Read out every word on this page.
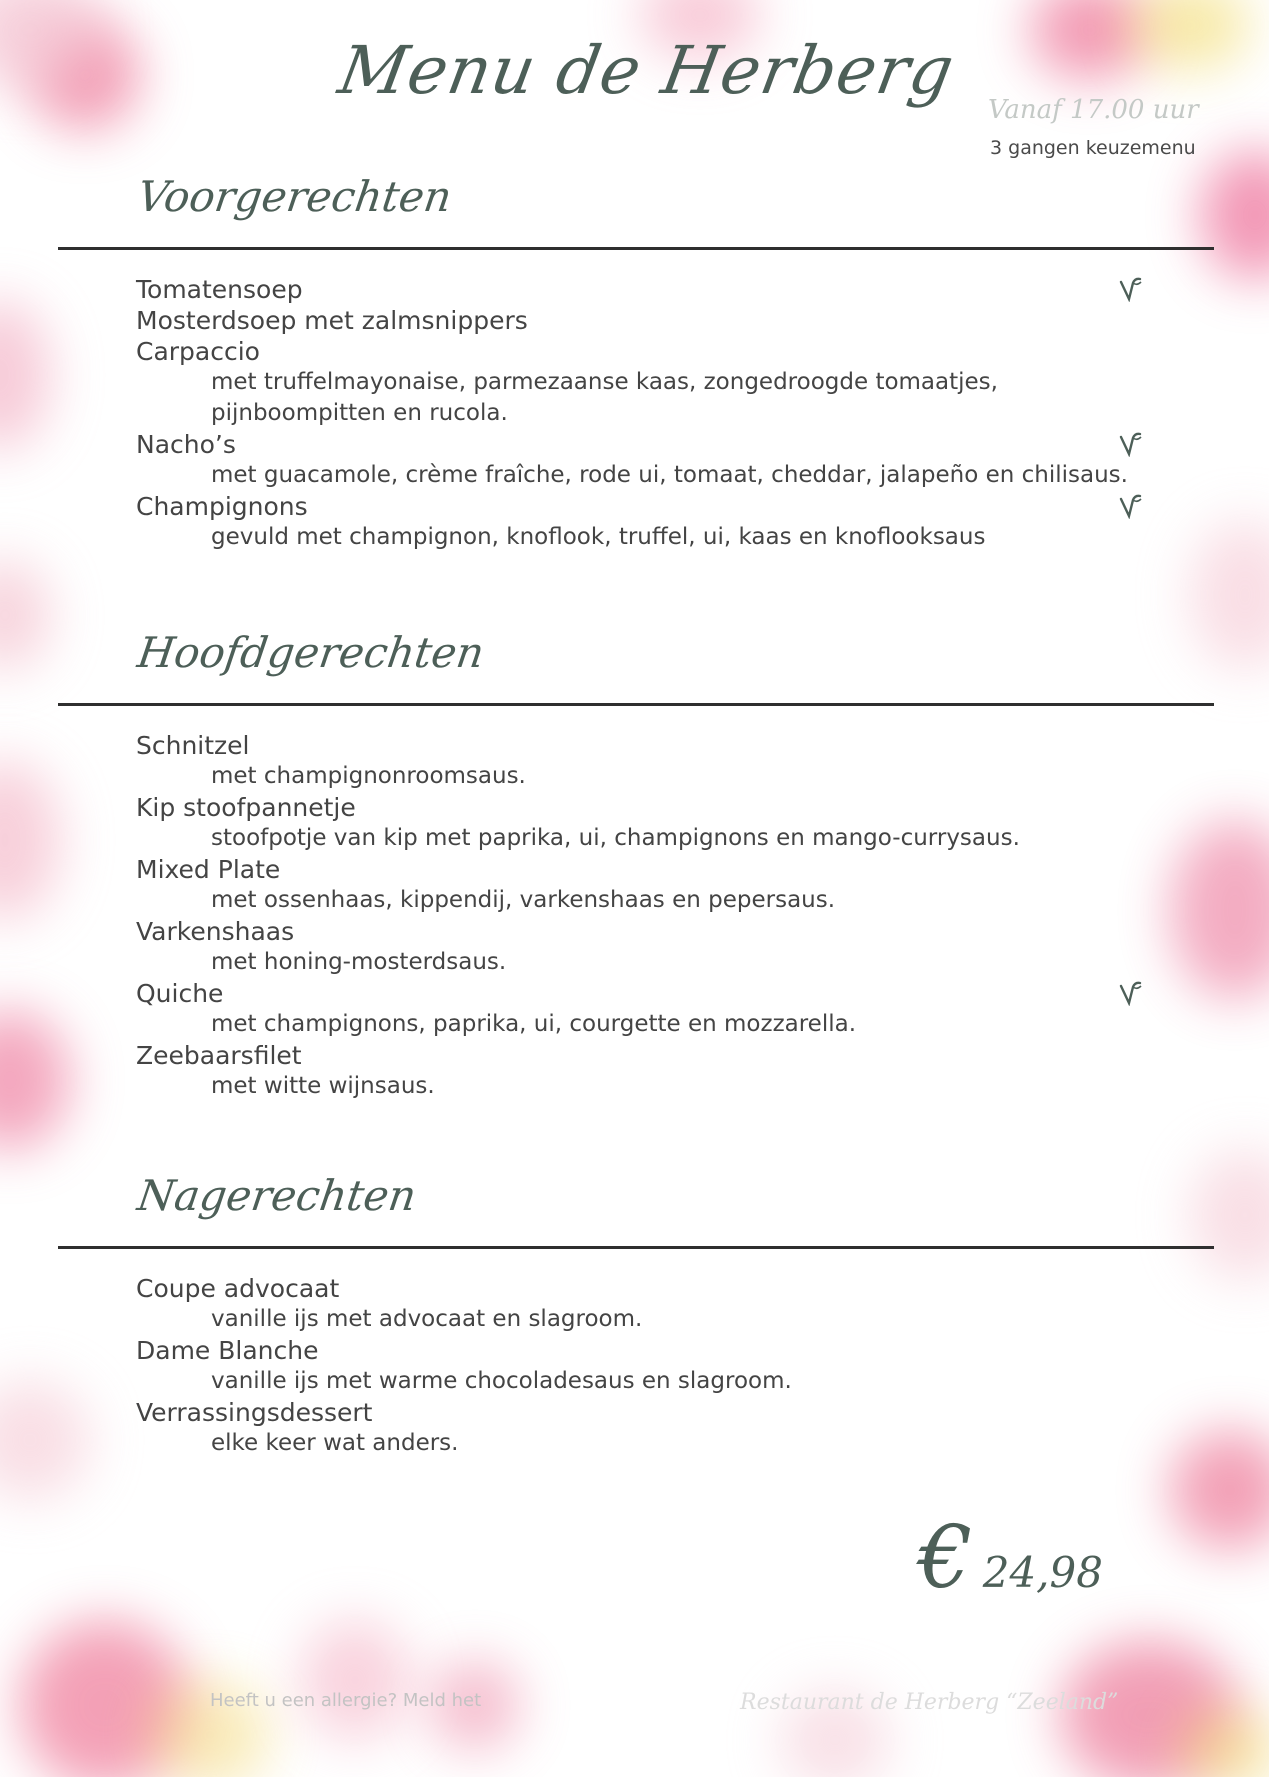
Menu de Herberg
Vanaf 17.00 uur
3 gangen keuzemenu
Voorgerechten
Tomatensoep
Mosterdsoep met zalmsnippers
Carpaccio
met truffelmayonaise, parmezaanse kaas, zongedroogde tomaatjes,
pijnboompitten en rucola.
Nacho’s
met guacamole, crème fraîche, rode ui, tomaat, cheddar, jalapeño en chilisaus.
Champignons
gevuld met champignon, knoflook, truffel, ui, kaas en knoflooksaus
Hoofdgerechten
Schnitzel
met champignonroomsaus.
Kip stoofpannetje
stoofpotje van kip met paprika, ui, champignons en mango-currysaus.
Mixed Plate
met ossenhaas, kippendij, varkenshaas en pepersaus.
Varkenshaas
met honing-mosterdsaus.
Quiche
met champignons, paprika, ui, courgette en mozzarella.
Zeebaarsfilet
met witte wijnsaus.
Nagerechten
Coupe advocaat
vanille ijs met advocaat en slagroom.
Dame Blanche
vanille ijs met warme chocoladesaus en slagroom.
Verrassingsdessert
elke keer wat anders.
€ 24,98
Heeft u een allergie? Meld het	Restaurant de Herberg “Zeeland”
